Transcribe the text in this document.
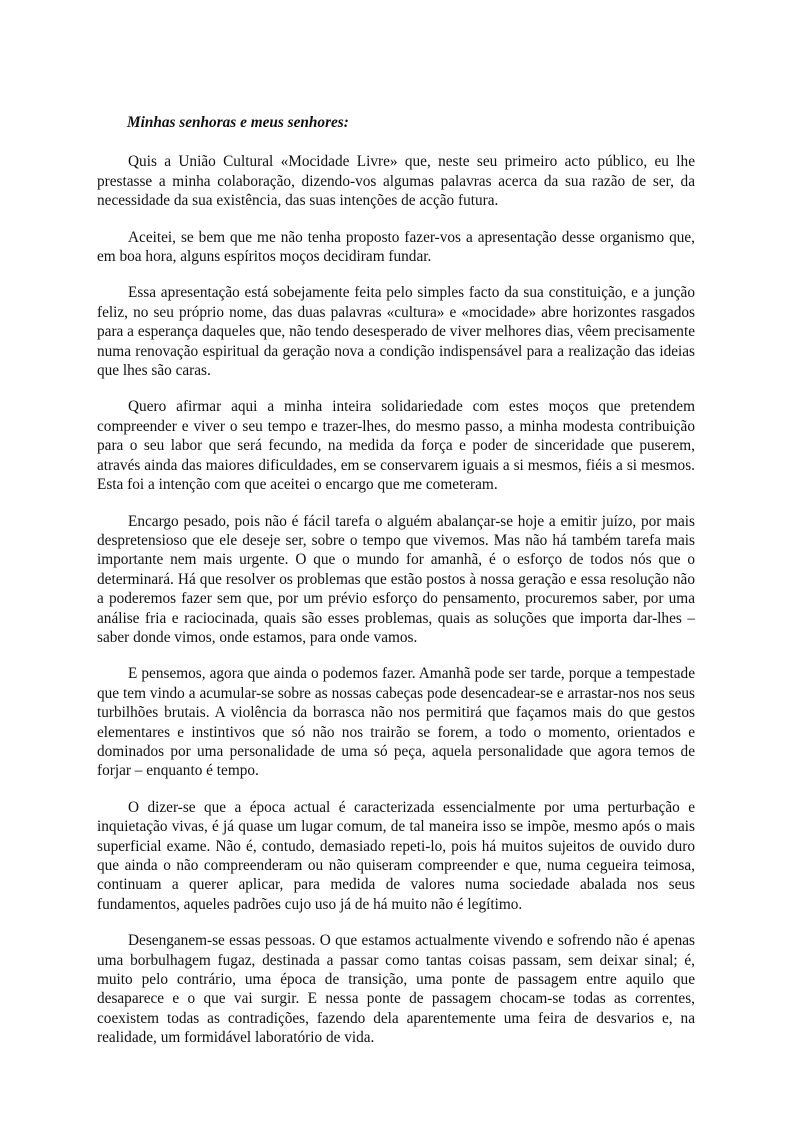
Minhas senhoras e meus senhores:

Quis a União Cultural «Mocidade Livre» que, neste seu primeiro acto público, eu lhe prestasse a minha colaboração, dizendo-vos algumas palavras acerca da sua razão de ser, da necessidade da sua existência, das suas intenções de acção futura.

Aceitei, se bem que me não tenha proposto fazer-vos a apresentação desse organismo que, em boa hora, alguns espíritos moços decidiram fundar.

Essa apresentação está sobejamente feita pelo simples facto da sua constituição, e a junção feliz, no seu próprio nome, das duas palavras «cultura» e «mocidade» abre horizontes rasgados para a esperança daqueles que, não tendo desesperado de viver melhores dias, vêem precisamente numa renovação espiritual da geração nova a condição indispensável para a realização das ideias que lhes são caras.

Quero afirmar aqui a minha inteira solidariedade com estes moços que pretendem compreender e viver o seu tempo e trazer-lhes, do mesmo passo, a minha modesta contribuição para o seu labor que será fecundo, na medida da força e poder de sinceridade que puserem, através ainda das maiores dificuldades, em se conservarem iguais a si mesmos, fiéis a si mesmos. Esta foi a intenção com que aceitei o encargo que me cometeram.

Encargo pesado, pois não é fácil tarefa o alguém abalançar-se hoje a emitir juízo, por mais despretensioso que ele deseje ser, sobre o tempo que vivemos. Mas não há também tarefa mais importante nem mais urgente. O que o mundo for amanhã, é o esforço de todos nós que o determinará. Há que resolver os problemas que estão postos à nossa geração e essa resolução não a poderemos fazer sem que, por um prévio esforço do pensamento, procuremos saber, por uma análise fria e raciocinada, quais são esses problemas, quais as soluções que importa dar-lhes – saber donde vimos, onde estamos, para onde vamos.

E pensemos, agora que ainda o podemos fazer. Amanhã pode ser tarde, porque a tempestade que tem vindo a acumular-se sobre as nossas cabeças pode desencadear-se e arrastar-nos nos seus turbilhões brutais. A violência da borrasca não nos permitirá que façamos mais do que gestos elementares e instintivos que só não nos trairão se forem, a todo o momento, orientados e dominados por uma personalidade de uma só peça, aquela personalidade que agora temos de forjar – enquanto é tempo.

O dizer-se que a época actual é caracterizada essencialmente por uma perturbação e inquietação vivas, é já quase um lugar comum, de tal maneira isso se impõe, mesmo após o mais superficial exame. Não é, contudo, demasiado repeti-lo, pois há muitos sujeitos de ouvido duro que ainda o não compreenderam ou não quiseram compreender e que, numa cegueira teimosa, continuam a querer aplicar, para medida de valores numa sociedade abalada nos seus fundamentos, aqueles padrões cujo uso já de há muito não é legítimo.

Desenganem-se essas pessoas. O que estamos actualmente vivendo e sofrendo não é apenas uma borbulhagem fugaz, destinada a passar como tantas coisas passam, sem deixar sinal; é, muito pelo contrário, uma época de transição, uma ponte de passagem entre aquilo que desaparece e o que vai surgir. E nessa ponte de passagem chocam-se todas as correntes, coexistem todas as contradições, fazendo dela aparentemente uma feira de desvarios e, na realidade, um formidável laboratório de vida.
